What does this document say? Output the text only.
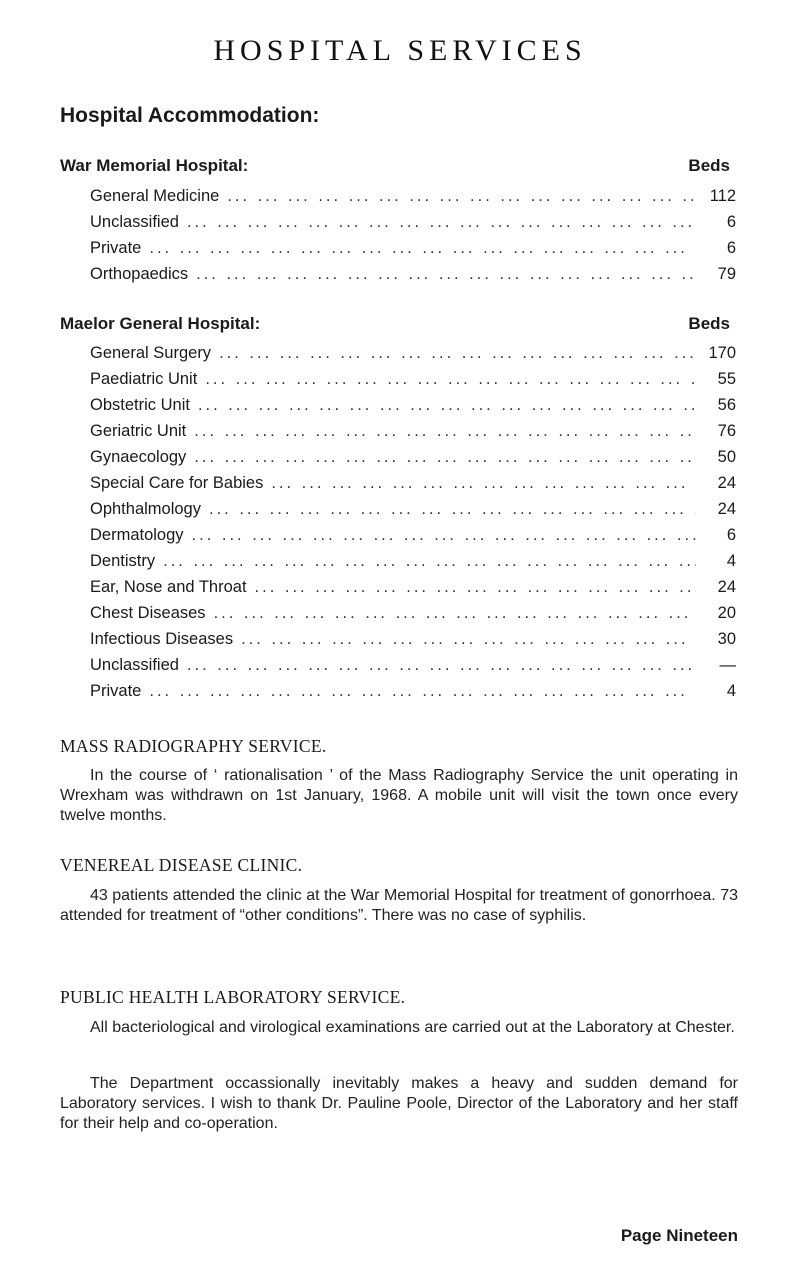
HOSPITAL SERVICES
Hospital Accommodation:
War Memorial Hospital:	Beds
General Medicine ... .	112
Unclassified ... .	6
Private ... .	6
Orthopaedics ... .	79
Maelor General Hospital:	Beds
General Surgery ... .	170
Paediatric Unit ... .	55
Obstetric Unit ... .	56
Geriatric Unit ... .	76
Gynaecology ... .	50
Special Care for Babies ... .	24
Ophthalmology ... .	24
Dermatology ... .	6
Dentistry ... .	4
Ear, Nose and Throat ... .	24
Chest Diseases ... .	20
Infectious Diseases ... .	30
Unclassified ... .	—
Private ... .	4
MASS RADIOGRAPHY SERVICE.
In the course of ‘ rationalisation ’ of the Mass Radiography Service the unit operating in Wrexham was withdrawn on 1st January, 1968. A mobile unit will visit the town once every twelve months.
VENEREAL DISEASE CLINIC.
43 patients attended the clinic at the War Memorial Hospital for treatment of gonorrhoea. 73 attended for treatment of “other conditions”. There was no case of syphilis.
PUBLIC HEALTH LABORATORY SERVICE.
All bacteriological and virological examinations are carried out at the Laboratory at Chester.
The Department occassionally inevitably makes a heavy and sudden demand for Laboratory services. I wish to thank Dr. Pauline Poole, Director of the Laboratory and her staff for their help and co-operation.
Page Nineteen
